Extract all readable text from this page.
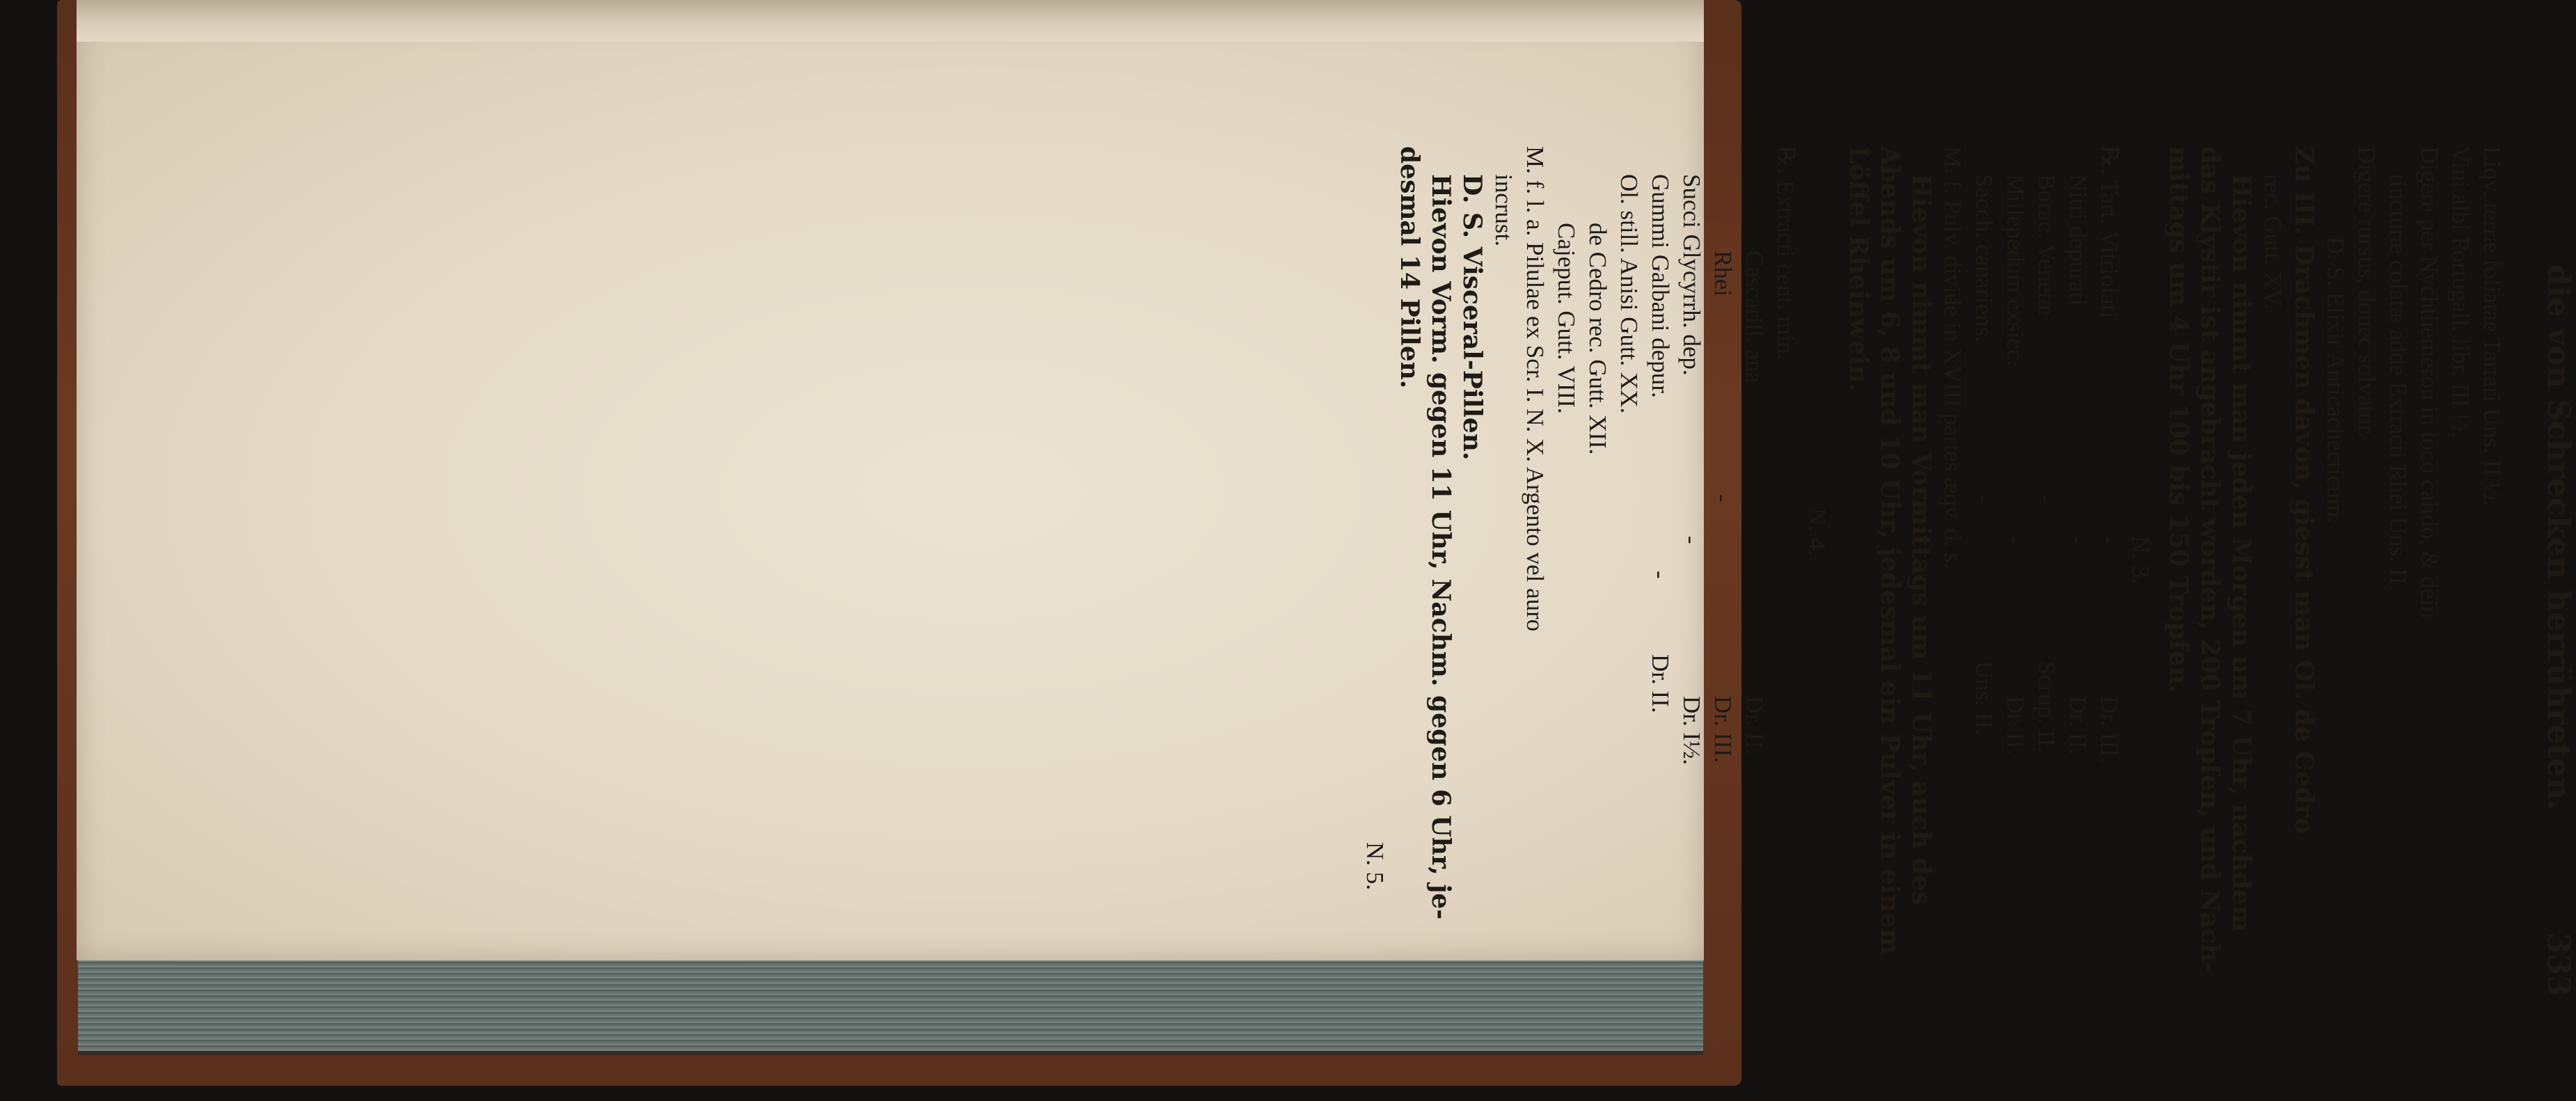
die von Schrecken herrühreten.
333
Liqv. terræ foliatae Tartari Uns. II ½.
Vini albi Portugall. libr. III ½.
Digere per Nychthemeron in loco calido, & dein
tincturæ colatæ adde Extracti Rhei Uns. II.
Digere rursus, donec solvatur.
D. S. Elixir Anticachecticum.
Zu III. Drachmen davon, giesst man Ol. de Cedro
rec. Gutt. XV.
Hievon nimmt man jeden Morgen um 7 Uhr, nachdem
das Klystir ist angebracht worden, 200 Tropfen, und Nach-
mittags um 4 Uhr 100 bis 150 Tropfen.
N. 3.
℞. Tart. Vitriolati
-
Dr. III.
Nitri depurati
-
Dr. II.
Borac. Venetæ
-
Scrup. II.
Millepedum exsicc.
-
Dr. II.
Sacch. canariens.
-
Uns. II.
M. f. Pulv. divide in XVIII partes æqv. d. s.
Hievon nimmt man Vormittags um 11 Uhr, auch des
Abends um 6, 8 und 10 Uhr, jedesmal ein Pulver in einem
Löffel Rheinwein.
N. 4.
℞. Extracti cent. min.
Cascarill. ana
Dr. II.
Rhei
-
Dr. III.
Succi Glycyrrh. dep.
-
Dr. I½.
Gummi Galbani depur.
-
Dr. II.
Ol. still. Anisi Gutt. XX.
de Cedro rec. Gutt. XII.
Cajeput. Gutt. VIII.
M. f. l. a. Pilulae ex Scr. I. N. X. Argento vel auro
incrust.
D. S. Visceral-Pillen.
Hievon Vorm. gegen 11 Uhr, Nachm. gegen 6 Uhr, je-
desmal 14 Pillen.
N. 5.
